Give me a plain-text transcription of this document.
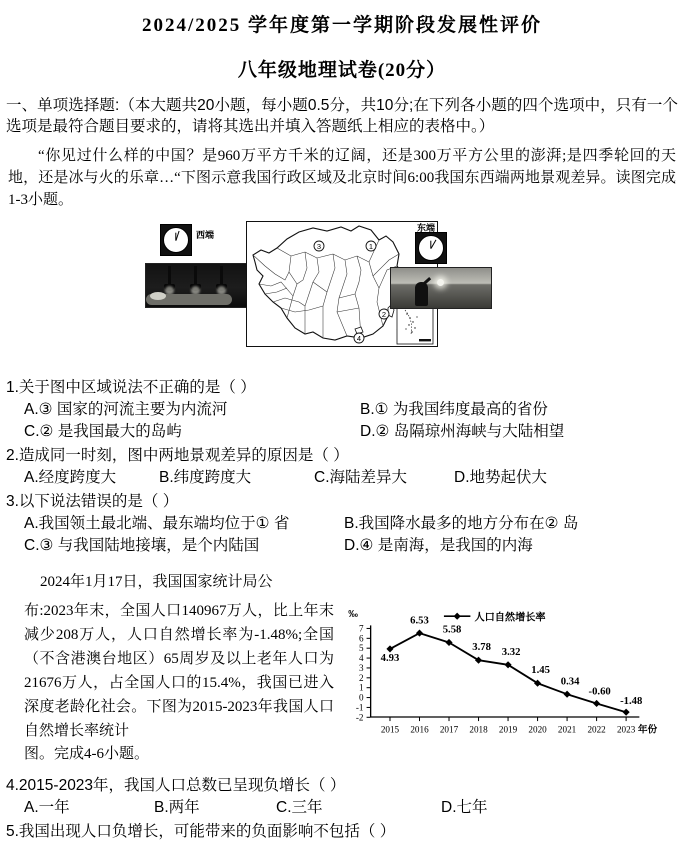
2024/2025 学年度第一学期阶段发展性评价
八年级地理试卷(20分）

一、单项选择题:（本大题共20小题，每小题0.5分，共10分;在下列各小题的四个选项中，只有一个选项是最符合题目要求的，请将其选出并填入答题纸上相应的表格中。）

“你见过什么样的中国？是960万平方千米的辽阔，还是300万平方公里的澎湃;是四季轮回的天地，还是冰与火的乐章…“下图示意我国行政区域及北京时间6:00我国东西端两地景观差异。读图完成1-3小题。

1
3
2
4
西端
东端
1.关于图中区域说法不正确的是（ ）
A.③ 国家的河流主要为内流河	B.① 为我国纬度最高的省份
C.② 是我国最大的岛屿	D.② 岛隔琼州海峡与大陆相望
2.造成同一时刻，图中两地景观差异的原因是（ ）
A.经度跨度大	B.纬度跨度大	C.海陆差异大	D.地势起伏大
3.以下说法错误的是（ ）
A.我国领土最北端、最东端均位于① 省	B.我国降水最多的地方分布在② 岛
C.③ 与我国陆地接壤，是个内陆国	D.④ 是南海，是我国的内海

2024年1月17日，我国国家统计局公

布:2023年末，全国人口140967万人，比上年末减少208万人，人口自然增长率为-1.48%;全国（不含港澳台地区）65周岁及以上老年人口为21676万人，占全国人口的15.4%，我国已进入深度老龄化社会。下图为2015-2023年我国人口自然增长率统计
‰	人口自然增长率
7
6
5
4
3
2
1
0
-1
-2
2015 2016 2017 2018 2019 2020 2021 2022 2023 年份
4.93
6.53
5.58
3.78 3.32
1.45
0.34
-0.60
-1.48
图。完成4-6小题。
4.2015-2023年，我国人口总数已呈现负增长（ ）
A.一年	B.两年	C.三年	D.七年
5.我国出现人口负增长，可能带来的负面影响不包括（ ）
